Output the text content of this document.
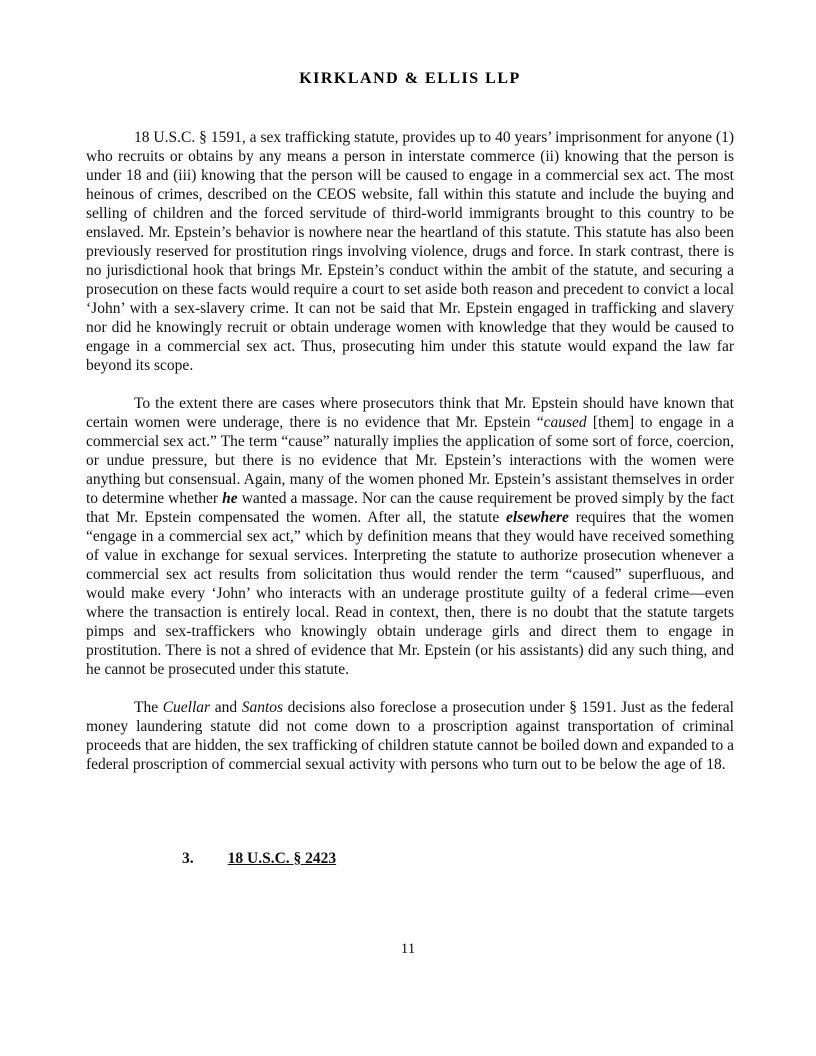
KIRKLAND & ELLIS LLP

18 U.S.C. § 1591, a sex trafficking statute, provides up to 40 years’ imprisonment for anyone (1) who recruits or obtains by any means a person in interstate commerce (ii) knowing that the person is under 18 and (iii) knowing that the person will be caused to engage in a commercial sex act. The most heinous of crimes, described on the CEOS website, fall within this statute and include the buying and selling of children and the forced servitude of third-world immigrants brought to this country to be enslaved. Mr. Epstein’s behavior is nowhere near the heartland of this statute. This statute has also been previously reserved for prostitution rings involving violence, drugs and force. In stark contrast, there is no jurisdictional hook that brings Mr. Epstein’s conduct within the ambit of the statute, and securing a prosecution on these facts would require a court to set aside both reason and precedent to convict a local ‘John’ with a sex-slavery crime. It can not be said that Mr. Epstein engaged in trafficking and slavery nor did he knowingly recruit or obtain underage women with knowledge that they would be caused to engage in a commercial sex act. Thus, prosecuting him under this statute would expand the law far beyond its scope.

To the extent there are cases where prosecutors think that Mr. Epstein should have known that certain women were underage, there is no evidence that Mr. Epstein “caused [them] to engage in a commercial sex act.” The term “cause” naturally implies the application of some sort of force, coercion, or undue pressure, but there is no evidence that Mr. Epstein’s interactions with the women were anything but consensual. Again, many of the women phoned Mr. Epstein’s assistant themselves in order to determine whether he wanted a massage. Nor can the cause requirement be proved simply by the fact that Mr. Epstein compensated the women. After all, the statute elsewhere requires that the women “engage in a commercial sex act,” which by definition means that they would have received something of value in exchange for sexual services. Interpreting the statute to authorize prosecution whenever a commercial sex act results from solicitation thus would render the term “caused” superfluous, and would make every ‘John’ who interacts with an underage prostitute guilty of a federal crime—even where the transaction is entirely local. Read in context, then, there is no doubt that the statute targets pimps and sex-traffickers who knowingly obtain underage girls and direct them to engage in prostitution. There is not a shred of evidence that Mr. Epstein (or his assistants) did any such thing, and he cannot be prosecuted under this statute.

The Cuellar and Santos decisions also foreclose a prosecution under § 1591. Just as the federal money laundering statute did not come down to a proscription against transportation of criminal proceeds that are hidden, the sex trafficking of children statute cannot be boiled down and expanded to a federal proscription of commercial sexual activity with persons who turn out to be below the age of 18.

3. 18 U.S.C. § 2423
11
